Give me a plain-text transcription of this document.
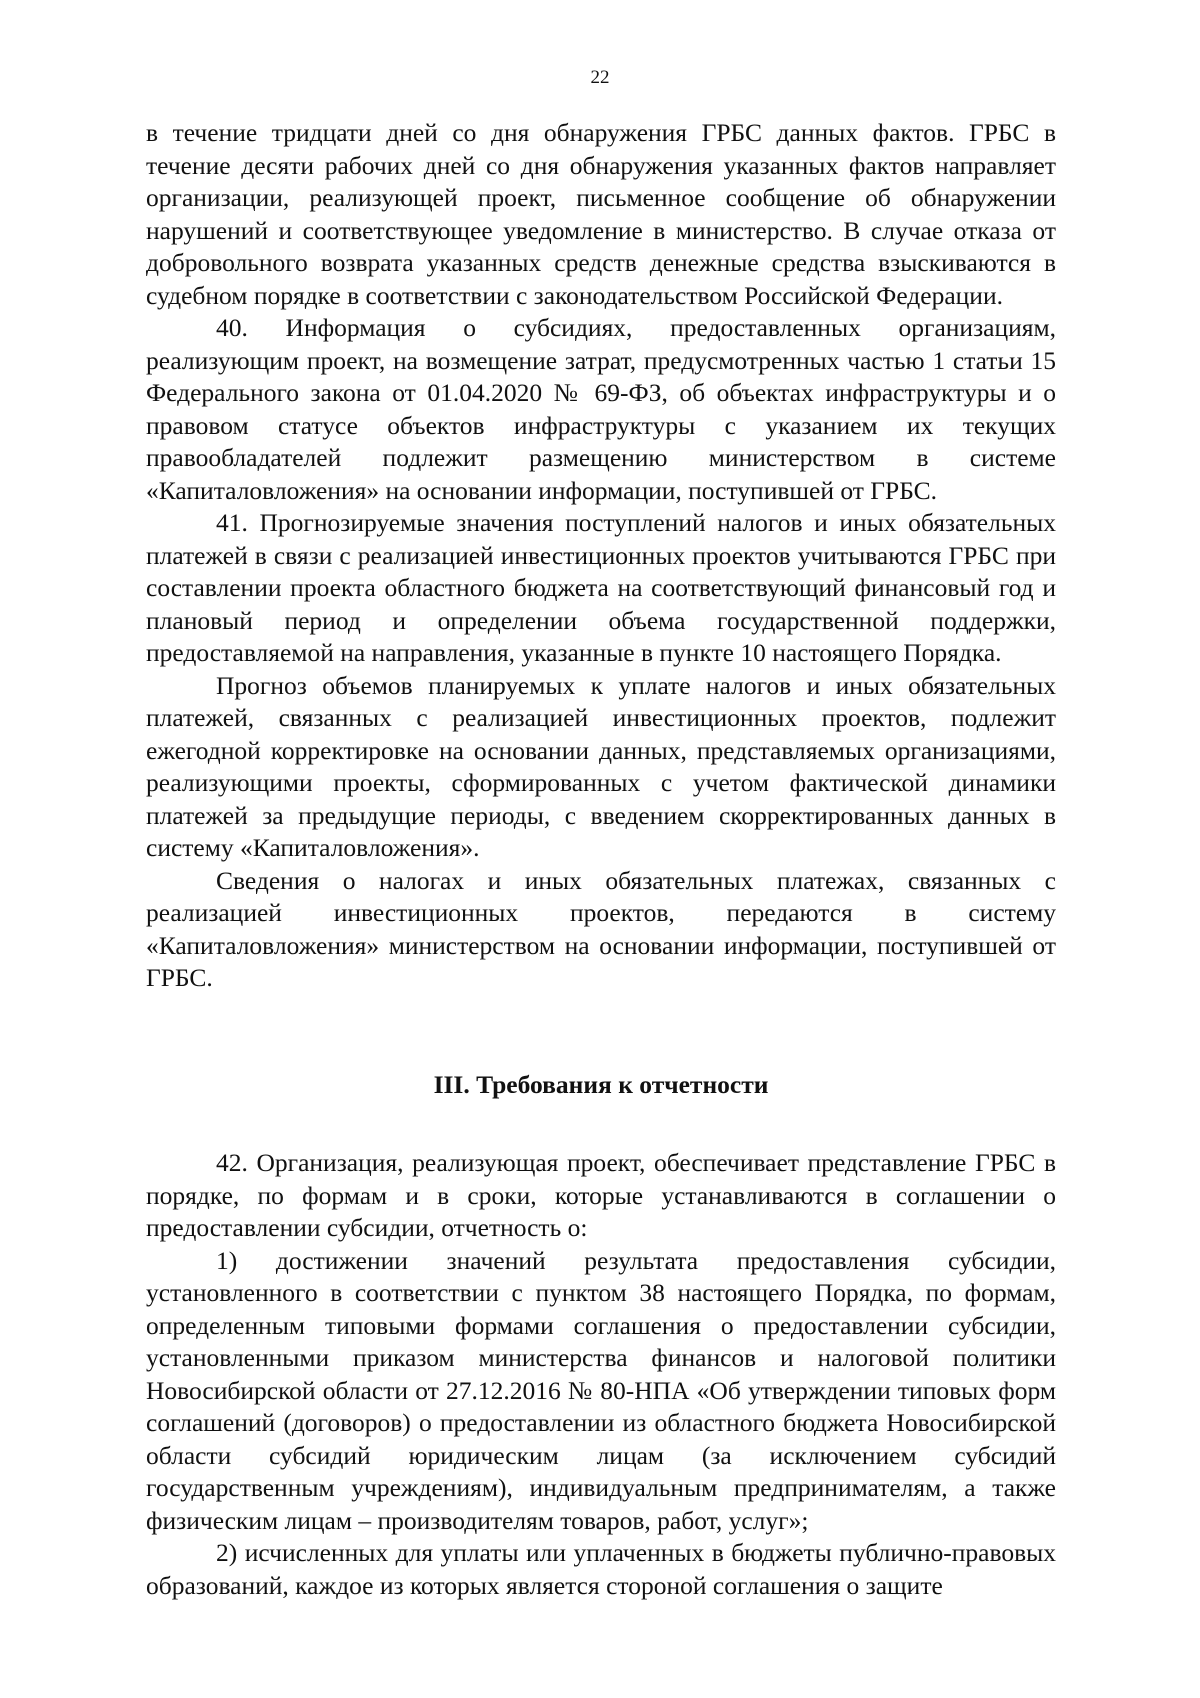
22

в течение тридцати дней со дня обнаружения ГРБС данных фактов. ГРБС в течение десяти рабочих дней со дня обнаружения указанных фактов направляет организации, реализующей проект, письменное сообщение об обнаружении нарушений и соответствующее уведомление в министерство. В случае отказа от добровольного возврата указанных средств денежные средства взыскиваются в судебном порядке в соответствии с законодательством Российской Федерации.

40. Информация о субсидиях, предоставленных организациям, реализующим проект, на возмещение затрат, предусмотренных частью 1 статьи 15 Федерального закона от 01.04.2020 № 69-ФЗ, об объектах инфраструктуры и о правовом статусе объектов инфраструктуры с указанием их текущих правообладателей подлежит размещению министерством в системе «Капиталовложения» на основании информации, поступившей от ГРБС.

41. Прогнозируемые значения поступлений налогов и иных обязательных платежей в связи с реализацией инвестиционных проектов учитываются ГРБС при составлении проекта областного бюджета на соответствующий финансовый год и плановый период и определении объема государственной поддержки, предоставляемой на направления, указанные в пункте 10 настоящего Порядка.

Прогноз объемов планируемых к уплате налогов и иных обязательных платежей, связанных с реализацией инвестиционных проектов, подлежит ежегодной корректировке на основании данных, представляемых организациями, реализующими проекты, сформированных с учетом фактической динамики платежей за предыдущие периоды, с введением скорректированных данных в систему «Капиталовложения».

Сведения о налогах и иных обязательных платежах, связанных с реализацией инвестиционных проектов, передаются в систему «Капиталовложения» министерством на основании информации, поступившей от ГРБС.

III. Требования к отчетности

42. Организация, реализующая проект, обеспечивает представление ГРБС в порядке, по формам и в сроки, которые устанавливаются в соглашении о предоставлении субсидии, отчетность о:

1) достижении значений результата предоставления субсидии, установленного в соответствии с пунктом 38 настоящего Порядка, по формам, определенным типовыми формами соглашения о предоставлении субсидии, установленными приказом министерства финансов и налоговой политики Новосибирской области от 27.12.2016 № 80-НПА «Об утверждении типовых форм соглашений (договоров) о предоставлении из областного бюджета Новосибирской области субсидий юридическим лицам (за исключением субсидий государственным учреждениям), индивидуальным предпринимателям, а также физическим лицам – производителям товаров, работ, услуг»;

2) исчисленных для уплаты или уплаченных в бюджеты публично-правовых образований, каждое из которых является стороной соглашения о защите
